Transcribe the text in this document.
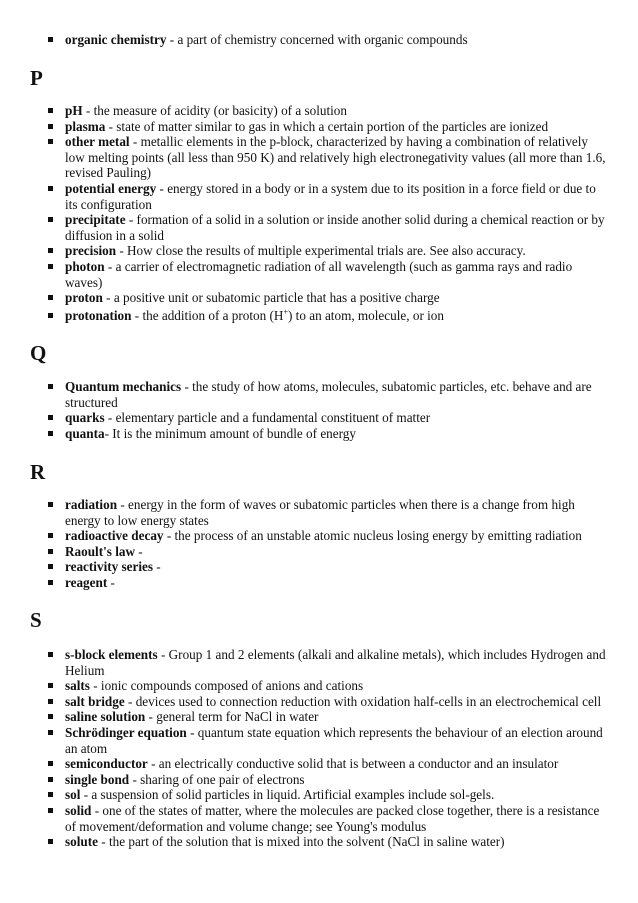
organic chemistry - a part of chemistry concerned with organic compounds
P
pH - the measure of acidity (or basicity) of a solution
plasma - state of matter similar to gas in which a certain portion of the particles are ionized
other metal - metallic elements in the p-block, characterized by having a combination of relatively low melting points (all less than 950 K) and relatively high electronegativity values (all more than 1.6, revised Pauling)
potential energy - energy stored in a body or in a system due to its position in a force field or due to its configuration
precipitate - formation of a solid in a solution or inside another solid during a chemical reaction or by diffusion in a solid
precision - How close the results of multiple experimental trials are. See also accuracy.
photon - a carrier of electromagnetic radiation of all wavelength (such as gamma rays and radio waves)
proton - a positive unit or subatomic particle that has a positive charge
protonation - the addition of a proton (H+) to an atom, molecule, or ion
Q
Quantum mechanics - the study of how atoms, molecules, subatomic particles, etc. behave and are structured
quarks - elementary particle and a fundamental constituent of matter
quanta- It is the minimum amount of bundle of energy
R
radiation - energy in the form of waves or subatomic particles when there is a change from high energy to low energy states
radioactive decay - the process of an unstable atomic nucleus losing energy by emitting radiation
Raoult's law -
reactivity series -
reagent -
S
s-block elements - Group 1 and 2 elements (alkali and alkaline metals), which includes Hydrogen and Helium
salts - ionic compounds composed of anions and cations
salt bridge - devices used to connection reduction with oxidation half-cells in an electrochemical cell
saline solution - general term for NaCl in water
Schrödinger equation - quantum state equation which represents the behaviour of an election around an atom
semiconductor - an electrically conductive solid that is between a conductor and an insulator
single bond - sharing of one pair of electrons
sol - a suspension of solid particles in liquid. Artificial examples include sol-gels.
solid - one of the states of matter, where the molecules are packed close together, there is a resistance of movement/deformation and volume change; see Young's modulus
solute - the part of the solution that is mixed into the solvent (NaCl in saline water)
